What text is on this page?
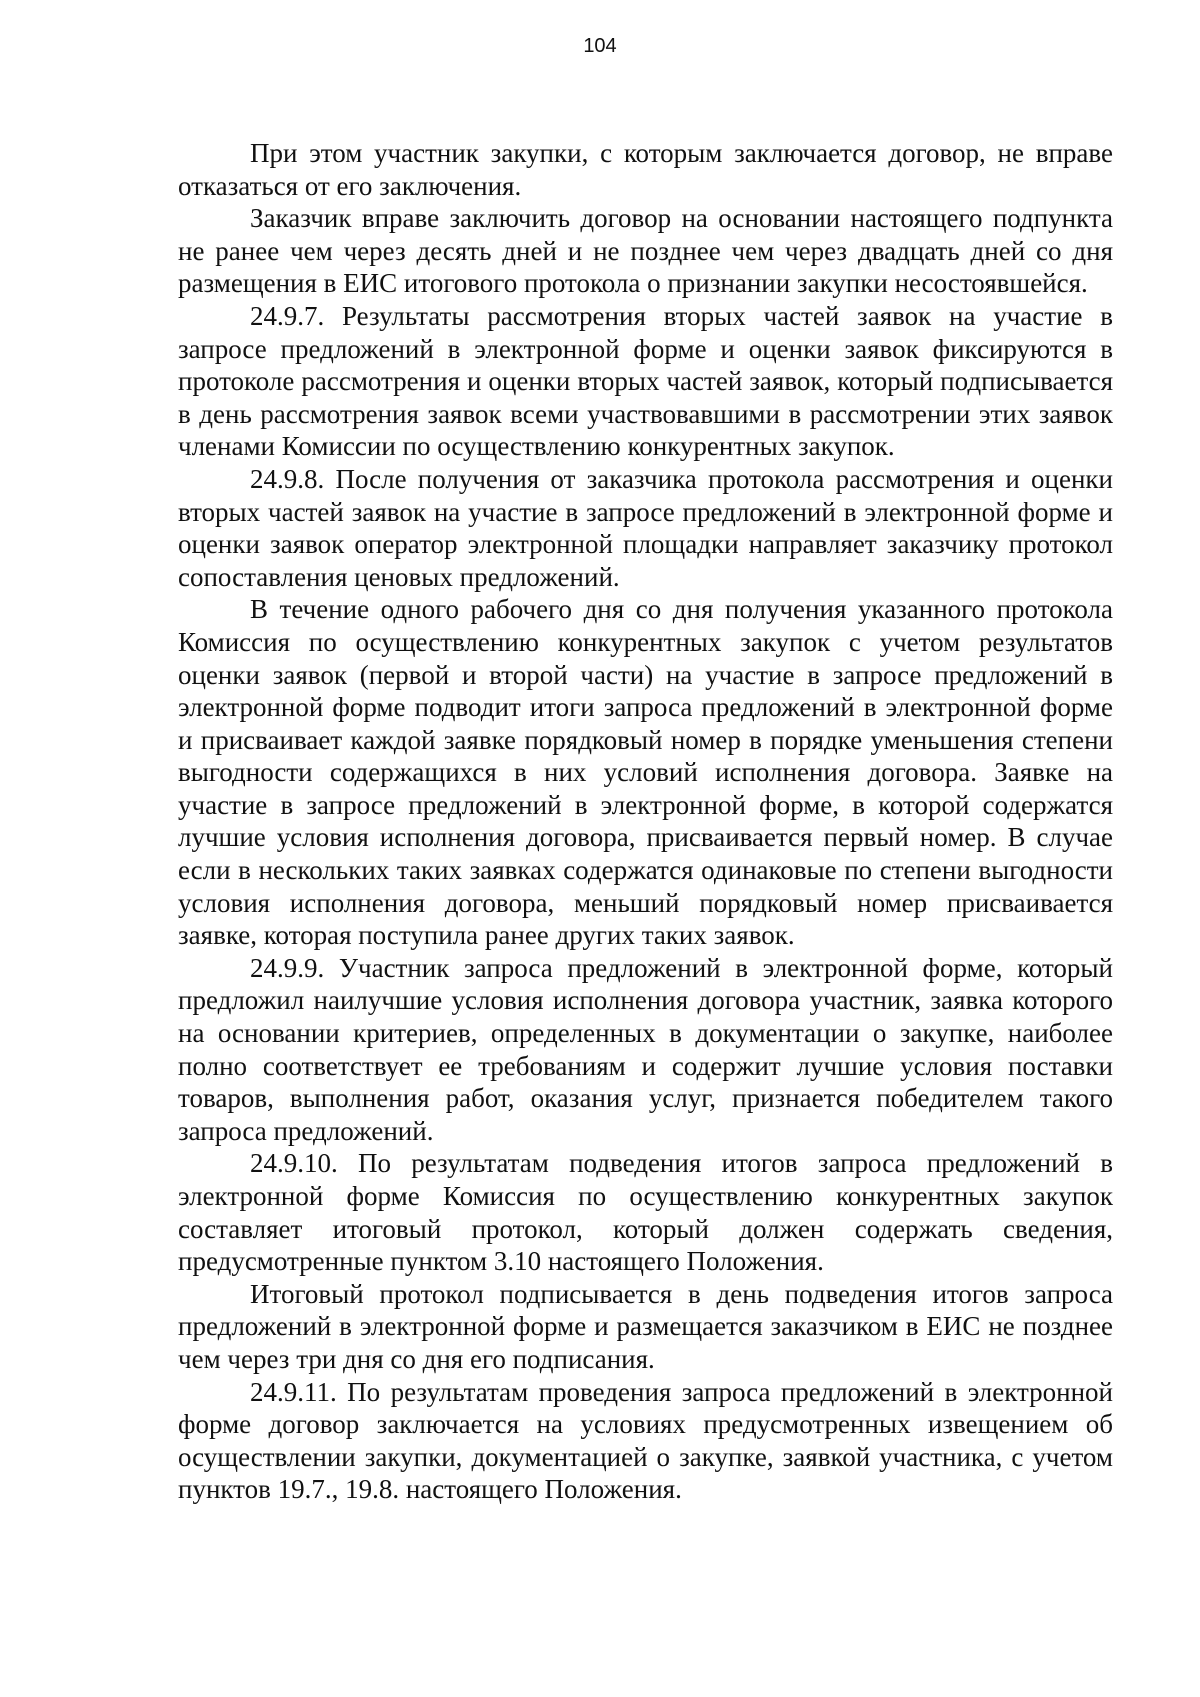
104

При этом участник закупки, с которым заключается договор, не вправе отказаться от его заключения.

Заказчик вправе заключить договор на основании настоящего подпункта не ранее чем через десять дней и не позднее чем через двадцать дней со дня размещения в ЕИС итогового протокола о признании закупки несостоявшейся.

24.9.7. Результаты рассмотрения вторых частей заявок на участие в запросе предложений в электронной форме и оценки заявок фиксируются в протоколе рассмотрения и оценки вторых частей заявок, который подписывается в день рассмотрения заявок всеми участвовавшими в рассмотрении этих заявок членами Комиссии по осуществлению конкурентных закупок.

24.9.8. После получения от заказчика протокола рассмотрения и оценки вторых частей заявок на участие в запросе предложений в электронной форме и оценки заявок оператор электронной площадки направляет заказчику протокол сопоставления ценовых предложений.

В течение одного рабочего дня со дня получения указанного протокола Комиссия по осуществлению конкурентных закупок с учетом результатов оценки заявок (первой и второй части) на участие в запросе предложений в электронной форме подводит итоги запроса предложений в электронной форме и присваивает каждой заявке порядковый номер в порядке уменьшения степени выгодности содержащихся в них условий исполнения договора. Заявке на участие в запросе предложений в электронной форме, в которой содержатся лучшие условия исполнения договора, присваивается первый номер. В случае если в нескольких таких заявках содержатся одинаковые по степени выгодности условия исполнения договора, меньший порядковый номер присваивается заявке, которая поступила ранее других таких заявок.

24.9.9. Участник запроса предложений в электронной форме, который предложил наилучшие условия исполнения договора участник, заявка которого на основании критериев, определенных в документации о закупке, наиболее полно соответствует ее требованиям и содержит лучшие условия поставки товаров, выполнения работ, оказания услуг, признается победителем такого запроса предложений.

24.9.10. По результатам подведения итогов запроса предложений в электронной форме Комиссия по осуществлению конкурентных закупок составляет итоговый протокол, который должен содержать сведения, предусмотренные пунктом 3.10 настоящего Положения.

Итоговый протокол подписывается в день подведения итогов запроса предложений в электронной форме и размещается заказчиком в ЕИС не позднее чем через три дня со дня его подписания.

24.9.11. По результатам проведения запроса предложений в электронной форме договор заключается на условиях предусмотренных извещением об осуществлении закупки, документацией о закупке, заявкой участника, с учетом пунктов 19.7., 19.8. настоящего Положения.
